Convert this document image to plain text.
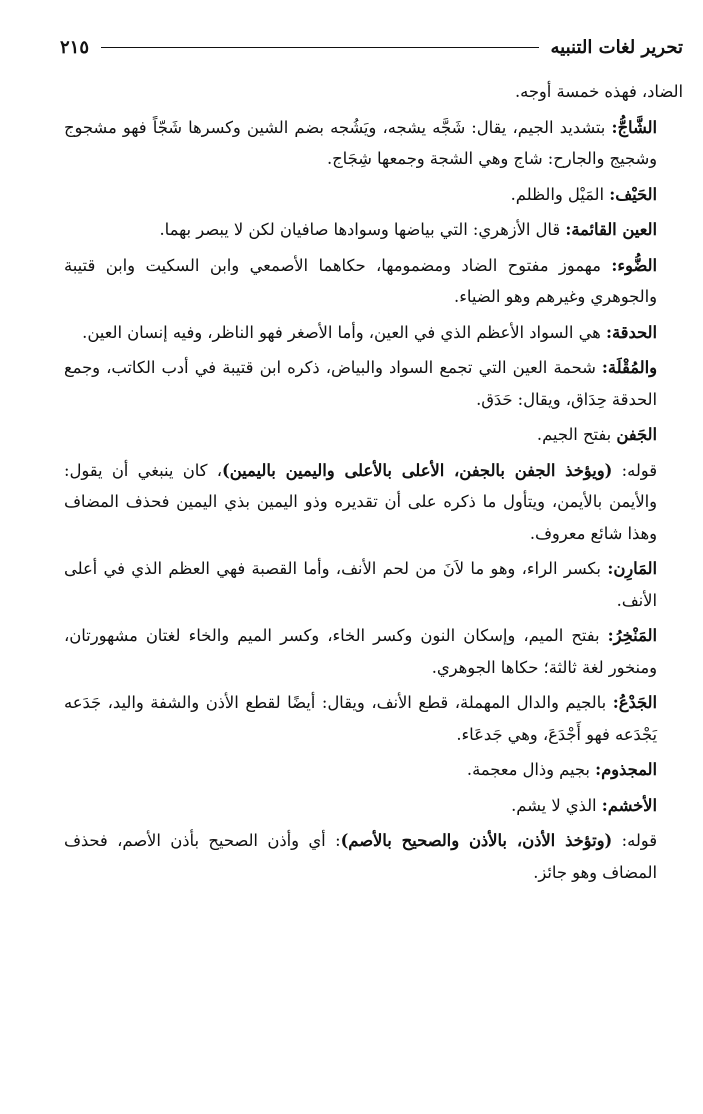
تحرير لغات التنبيه
٢١٥

الضاد، فهذه خمسة أوجه.

الشَّاجُّ: بتشديد الجيم، يقال: شَجَّه يشجه، ويَشُجه بضم الشين وكسرها شَجّاً فهو مشجوج وشجيج والجارح: شاج وهي الشجة وجمعها شِجَاج.

الحَيْف: المَيْل والظلم.

العين القائمة: قال الأزهري: التي بياضها وسوادها صافيان لكن لا يبصر بهما.

الضُّوء: مهموز مفتوح الضاد ومضمومها، حكاهما الأصمعي وابن السكيت وابن قتيبة والجوهري وغيرهم وهو الضياء.

الحدقة: هي السواد الأعظم الذي في العين، وأما الأصغر فهو الناظر، وفيه إنسان العين.

والمُقْلَة: شحمة العين التي تجمع السواد والبياض، ذكره ابن قتيبة في أدب الكاتب، وجمع الحدقة حِدَاق، ويقال: حَدَق.

الجَفن بفتح الجيم.

قوله: (ويؤخذ الجفن بالجفن، الأعلى بالأعلى واليمين باليمين)، كان ينبغي أن يقول: والأيمن بالأيمن، ويتأول ما ذكره على أن تقديره وذو اليمين بذي اليمين فحذف المضاف وهذا شائع معروف.

المَارِن: بكسر الراء، وهو ما لاَنَ من لحم الأنف، وأما القصبة فهي العظم الذي في أعلى الأنف.

المَنْخِرُ: بفتح الميم، وإسكان النون وكسر الخاء، وكسر الميم والخاء لغتان مشهورتان، ومنخور لغة ثالثة؛ حكاها الجوهري.

الجَدْعُ: بالجيم والدال المهملة، قطع الأنف، ويقال: أيضًا لقطع الأذن والشفة واليد، جَدَعه يَجْدَعه فهو أَجْدَعَ، وهي جَدعَاء.

المجذوم: بجيم وذال معجمة.

الأخشم: الذي لا يشم.

قوله: (وتؤخذ الأذن، بالأذن والصحيح بالأصم): أي وأذن الصحيح بأذن الأصم، فحذف المضاف وهو جائز.
